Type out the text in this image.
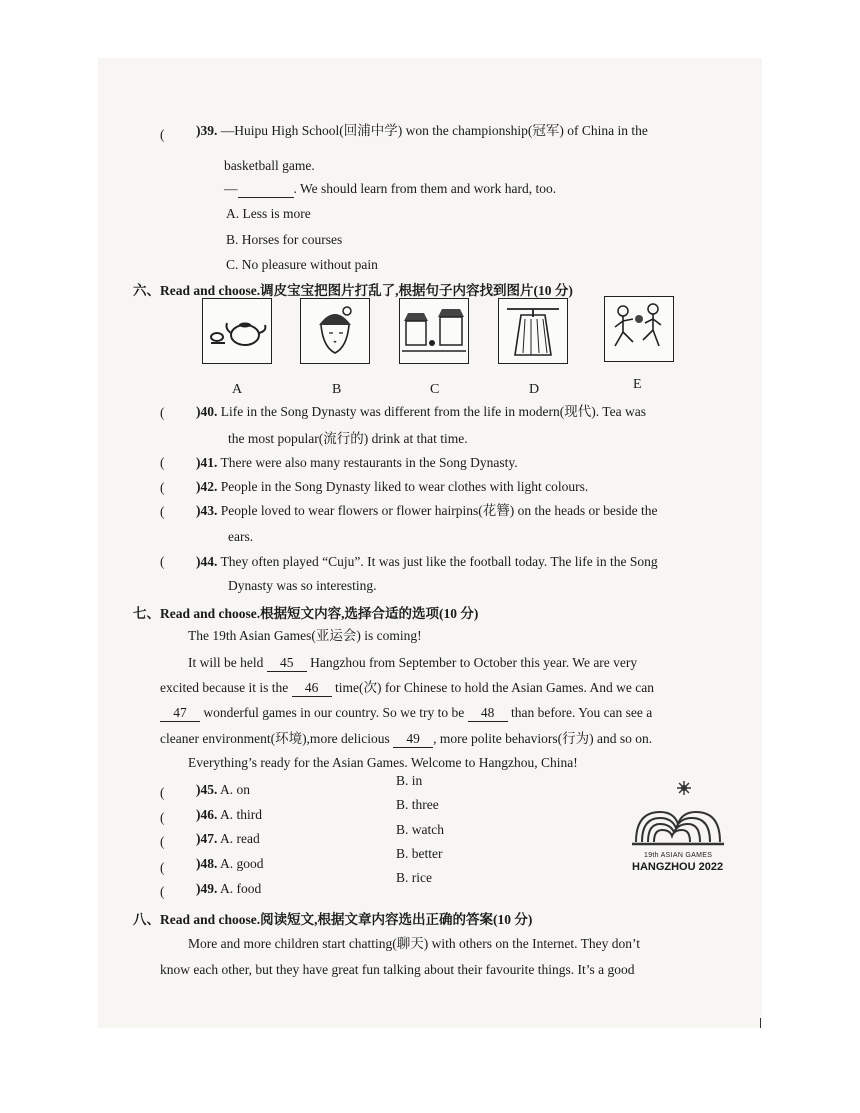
( )39. —Huipu High School(回浦中学) won the championship(冠军) of China in the
basketball game.
—	. We should learn from them and work hard, too.
A. Less is more
B. Horses for courses
C. No pleasure without pain
六、Read and choose.调皮宝宝把图片打乱了,根据句子内容找到图片(10 分)
A	B	C	D	E
( )40. Life in the Song Dynasty was different from the life in modern(现代). Tea was
the most popular(流行的) drink at that time.
( )41. There were also many restaurants in the Song Dynasty.
( )42. People in the Song Dynasty liked to wear clothes with light colours.
( )43. People loved to wear flowers or flower hairpins(花簪) on the heads or beside the
ears.
( )44. They often played “Cuju”. It was just like the football today. The life in the Song
Dynasty was so interesting.
七、Read and choose.根据短文内容,选择合适的选项(10 分)
The 19th Asian Games(亚运会) is coming!
It will be held 45 Hangzhou from September to October this year. We are very
excited because it is the 46 time(次) for Chinese to hold the Asian Games. And we can
47 wonderful games in our country. So we try to be 48 than before. You can see a
cleaner environment(环境),more delicious 49 , more polite behaviors(行为) and so on.
Everything’s ready for the Asian Games. Welcome to Hangzhou, China!
( )45. A. on
B. in
( )46. A. third
B. three
( )47. A. read
B. watch
( )48. A. good
B. better
( )49. A. food
B. rice
19th ASIAN GAMES
HANGZHOU 2022
八、Read and choose.阅读短文,根据文章内容选出正确的答案(10 分)
More and more children start chatting(聊天) with others on the Internet. They don’t
know each other, but they have great fun talking about their favourite things. It’s a good
